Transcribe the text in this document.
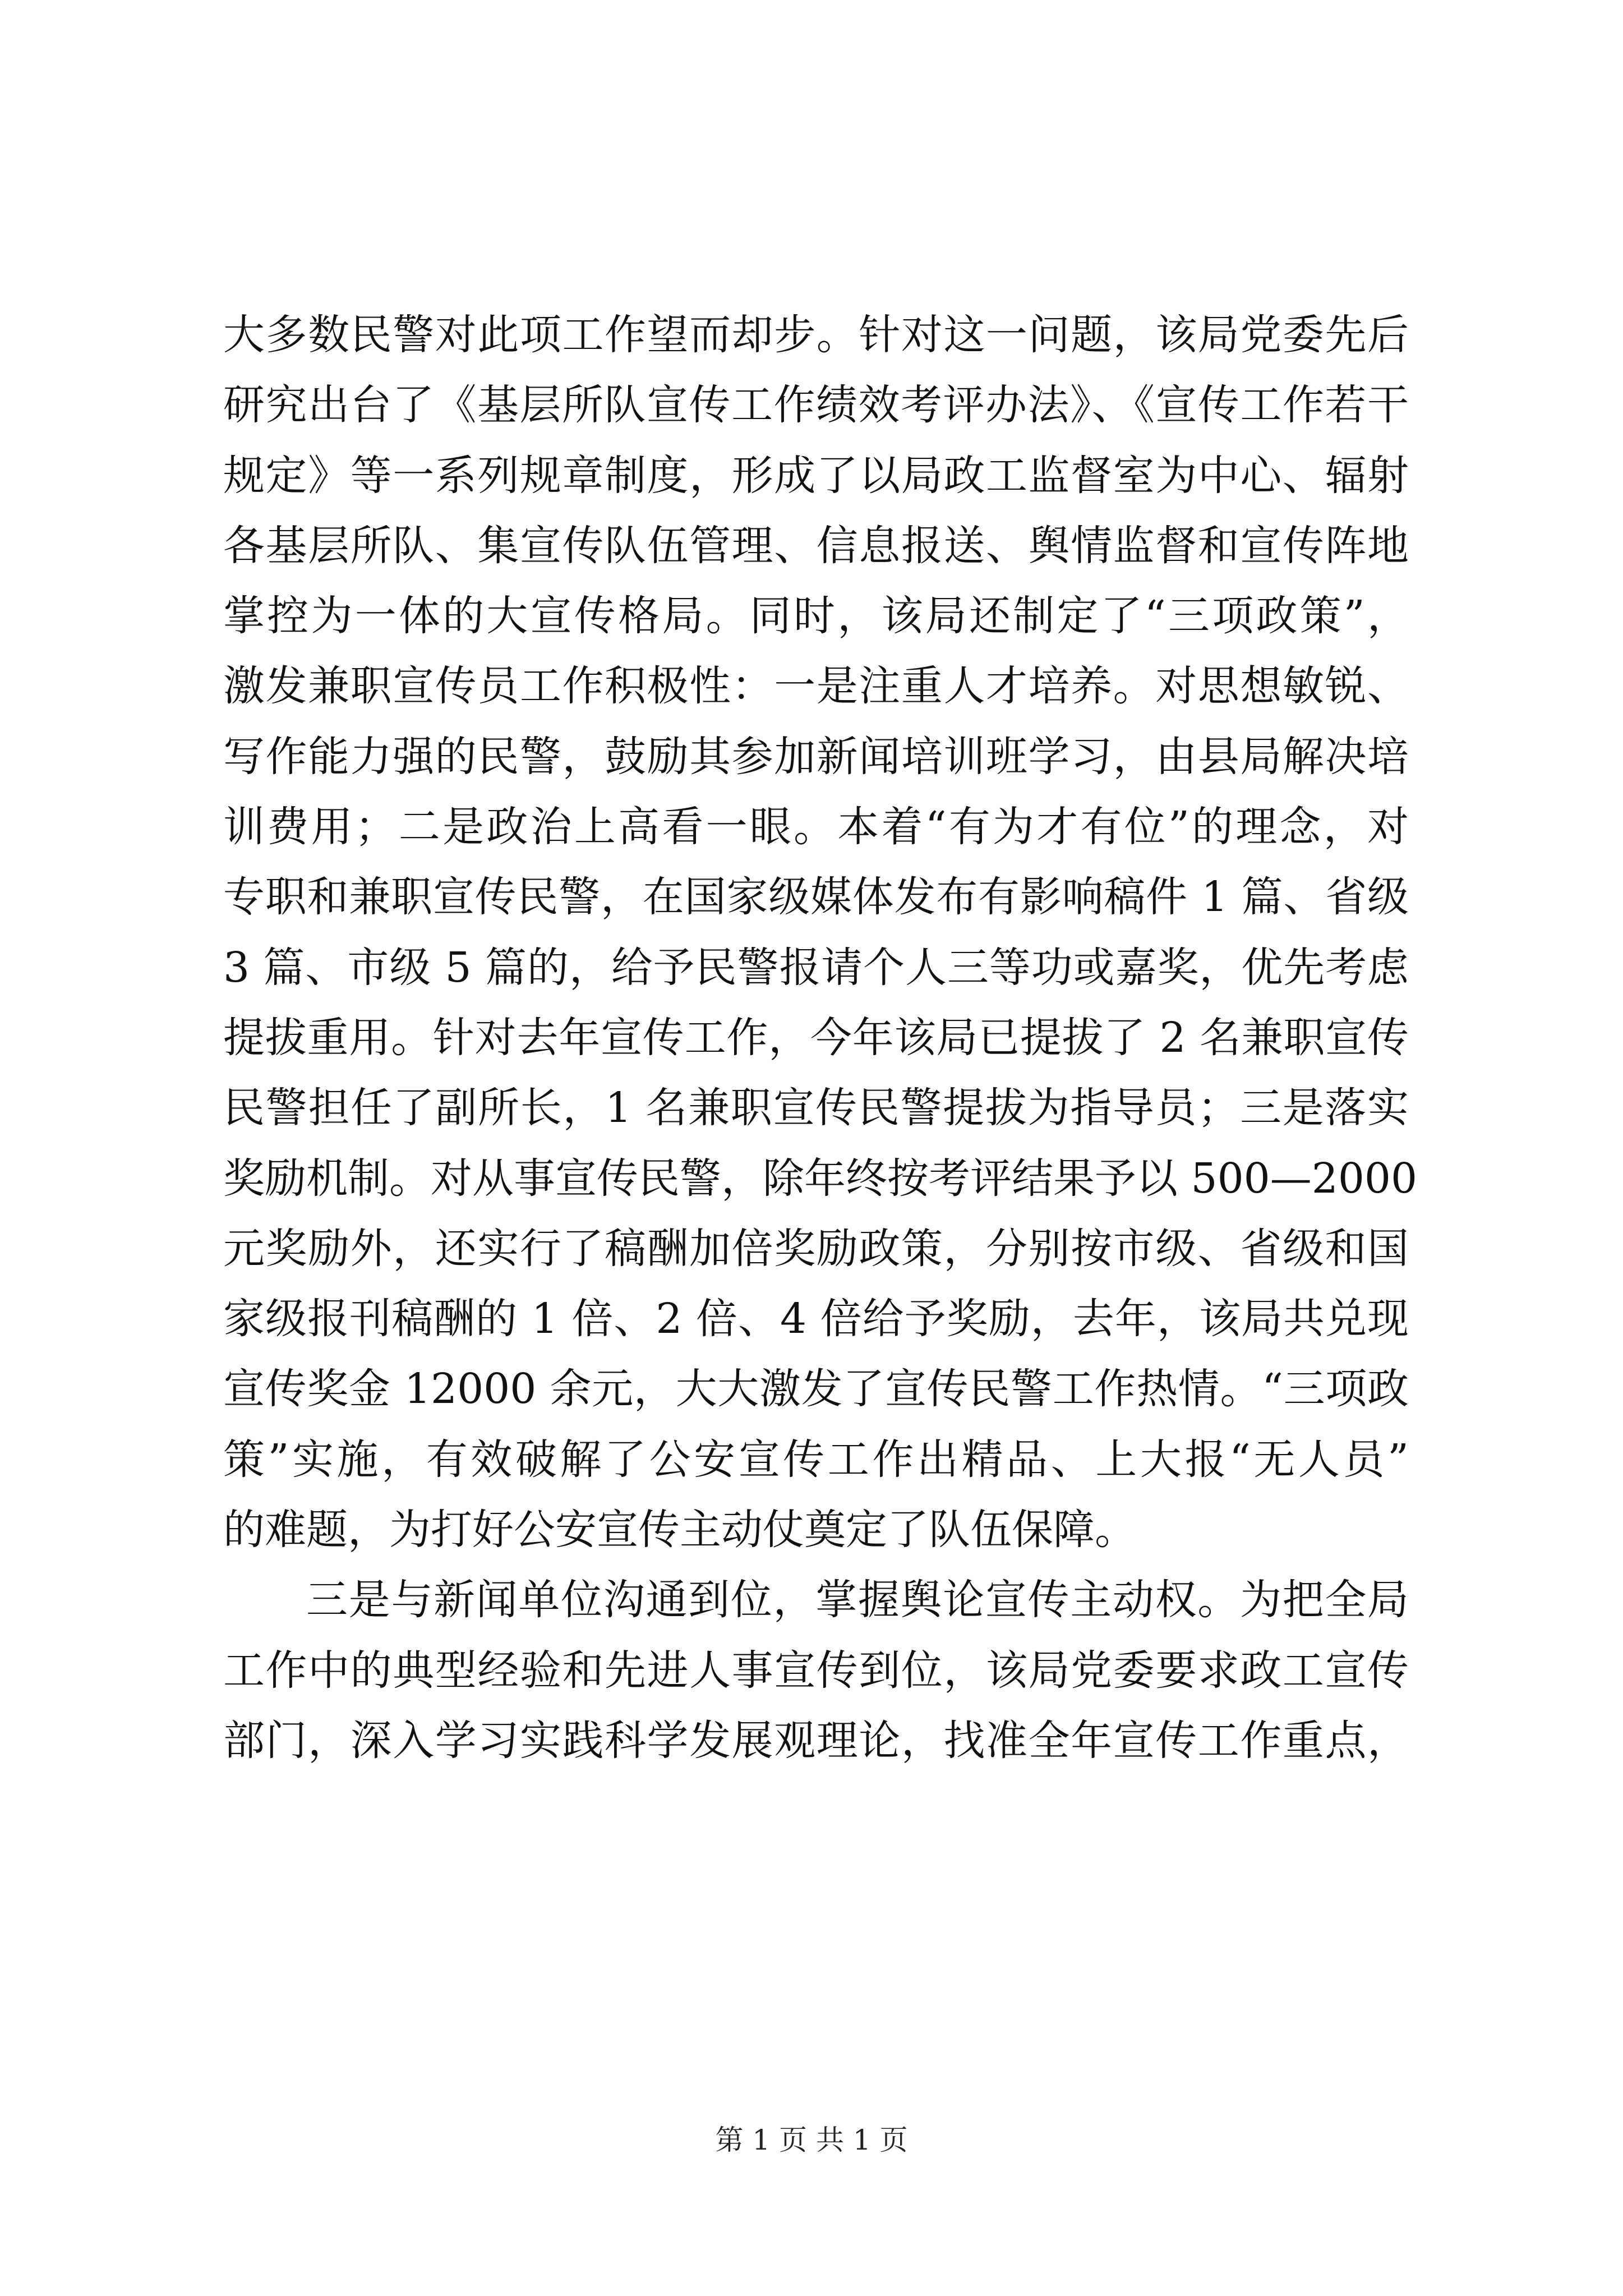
大多数民警对此项工作望而却步。针对这一问题，该局党委先后
研究出台了《基层所队宣传工作绩效考评办法》、《宣传工作若干
规定》等一系列规章制度，形成了以局政工监督室为中心、辐射
各基层所队、集宣传队伍管理、信息报送、舆情监督和宣传阵地
掌控为一体的大宣传格局。同时，该局还制定了“三项政策”，
激发兼职宣传员工作积极性：一是注重人才培养。对思想敏锐、
写作能力强的民警，鼓励其参加新闻培训班学习，由县局解决培
训费用；二是政治上高看一眼。本着“有为才有位”的理念，对
专职和兼职宣传民警，在国家级媒体发布有影响稿件 1 篇、省级
3 篇、市级 5 篇的，给予民警报请个人三等功或嘉奖，优先考虑
提拔重用。针对去年宣传工作，今年该局已提拔了 2 名兼职宣传
民警担任了副所长，1 名兼职宣传民警提拔为指导员；三是落实
奖励机制。对从事宣传民警，除年终按考评结果予以 500—2000
元奖励外，还实行了稿酬加倍奖励政策，分别按市级、省级和国
家级报刊稿酬的 1 倍、2 倍、4 倍给予奖励，去年，该局共兑现
宣传奖金 12000 余元，大大激发了宣传民警工作热情。“三项政
策”实施，有效破解了公安宣传工作出精品、上大报“无人员”
的难题，为打好公安宣传主动仗奠定了队伍保障。
三是与新闻单位沟通到位，掌握舆论宣传主动权。为把全局
工作中的典型经验和先进人事宣传到位，该局党委要求政工宣传
部门，深入学习实践科学发展观理论，找准全年宣传工作重点，
第 1 页 共 1 页
